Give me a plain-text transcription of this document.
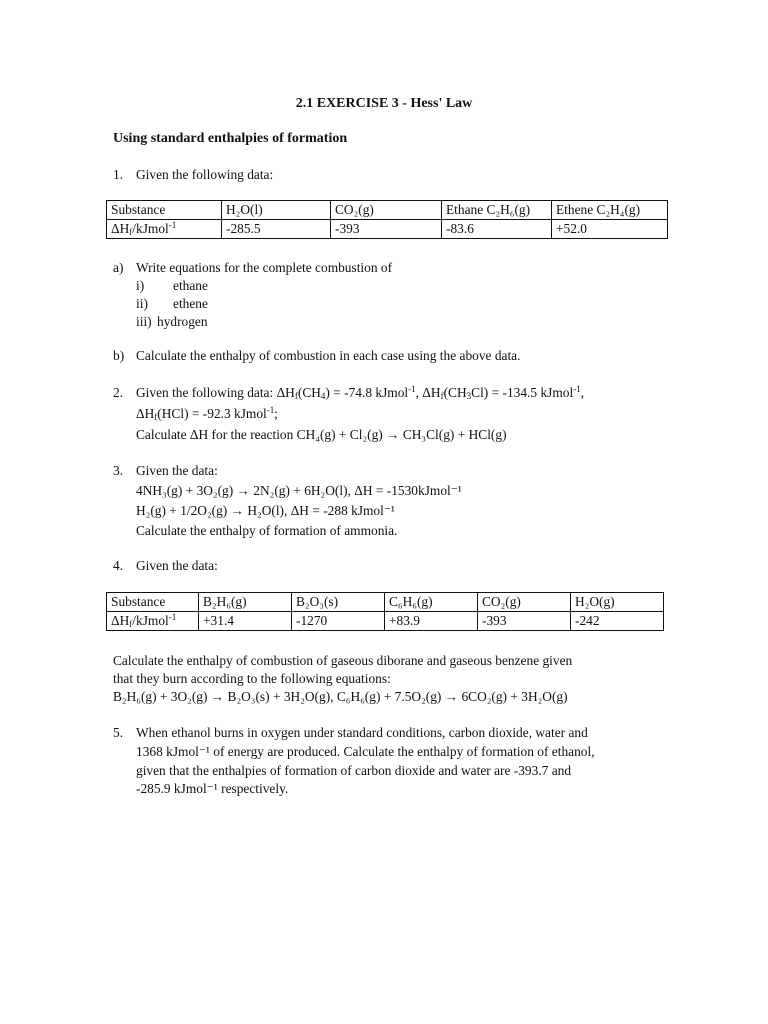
2.1 EXERCISE 3 - Hess' Law
Using standard enthalpies of formation
1. Given the following data:
Substance	H₂O(l)	CO₂(g)	Ethane C₂H₆(g)	Ethene C₂H₄(g)
$\Delta H_f/kJmol^{-1}$	-285.5	-393	-83.6	+52.0
a) Write equations for the complete combustion of
i) ethane
ii) ethene
iii) hydrogen
b) Calculate the enthalpy of combustion in each case using the above data.
2. Given the following data: $\Delta H_f(CH_4) = -74.8$ kJmol$^{-1}$, $\Delta H_f(CH_3Cl) = -134.5$ kJmol$^{-1}$,
$\Delta H_f(HCl) = -92.3$ kJmol$^{-1}$;
Calculate ΔH for the reaction CH₄(g) + Cl₂(g) → CH₃Cl(g) + HCl(g)
3. Given the data:
4NH₃(g) + 3O₂(g) → 2N₂(g) + 6H₂O(l), ΔH = -1530kJmol⁻¹
H₂(g) + 1/2O₂(g) → H₂O(l), ΔH = -288 kJmol⁻¹
Calculate the enthalpy of formation of ammonia.
4. Given the data:
Substance	B₂H₆(g)	B₂O₃(s)	C₆H₆(g)	CO₂(g)	H₂O(g)
$\Delta H_f/kJmol^{-1}$	+31.4	-1270	+83.9	-393	-242
Calculate the enthalpy of combustion of gaseous diborane and gaseous benzene given
that they burn according to the following equations:
B₂H₆(g) + 3O₂(g) → B₂O₃(s) + 3H₂O(g), C₆H₆(g) + 7.5O₂(g) → 6CO₂(g) + 3H₂O(g)
5. When ethanol burns in oxygen under standard conditions, carbon dioxide, water and
1368 kJmol⁻¹ of energy are produced. Calculate the enthalpy of formation of ethanol,
given that the enthalpies of formation of carbon dioxide and water are -393.7 and
-285.9 kJmol⁻¹ respectively.
